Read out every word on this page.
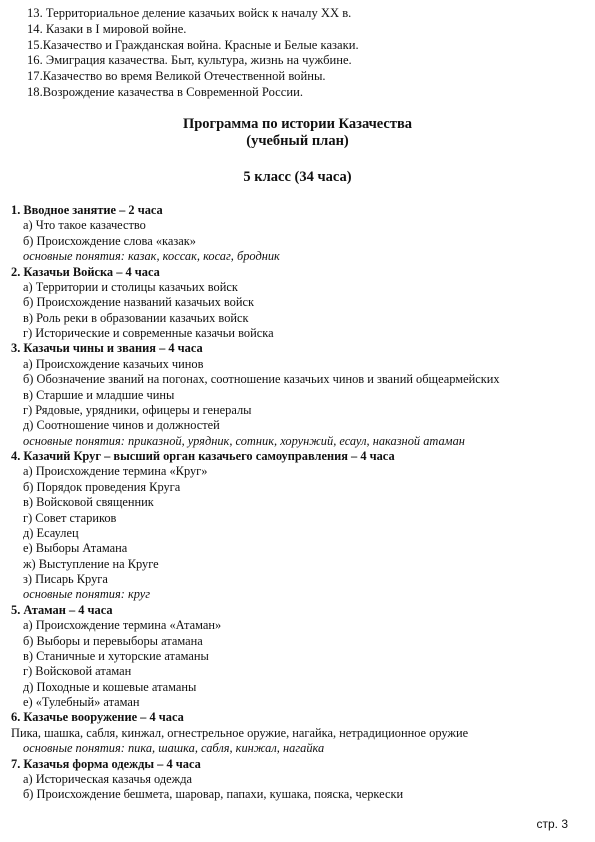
13. Территориальное деление казачьих войск к началу XX в.
14. Казаки в I мировой войне.
15.Казачество и Гражданская война. Красные и Белые казаки.
16. Эмиграция казачества. Быт, культура, жизнь на чужбине.
17.Казачество во время Великой Отечественной войны.
18.Возрождение казачества в Современной России.
Программа по истории Казачества
(учебный план)
5 класс (34 часа)
1. Вводное занятие – 2 часа
а) Что такое казачество
б) Происхождение слова «казак»
основные понятия: казак, коссак, косаг, бродник
2. Казачьи Войска – 4 часа
а) Территории и столицы казачьих войск
б) Происхождение названий казачьих войск
в) Роль реки в образовании казачьих войск
г) Исторические и современные казачьи войска
3. Казачьи чины и звания – 4 часа
а) Происхождение казачьих чинов
б) Обозначение званий на погонах, соотношение казачьих чинов и званий общеармейских
в) Старшие и младшие чины
г) Рядовые, урядники, офицеры и генералы
д) Соотношение чинов и должностей
основные понятия: приказной, урядник, сотник, хорунжий, есаул, наказной атаман
4. Казачий Круг – высший орган казачьего самоуправления – 4 часа
а) Происхождение термина «Круг»
б) Порядок проведения Круга
в) Войсковой священник
г) Совет стариков
д) Есаулец
е) Выборы Атамана
ж) Выступление на Круге
з) Писарь Круга
основные понятия: круг
5. Атаман – 4 часа
а) Происхождение термина «Атаман»
б) Выборы и перевыборы атамана
в) Станичные и хуторские атаманы
г) Войсковой атаман
д) Походные и кошевые атаманы
е) «Тулебный» атаман
6. Казачье вооружение – 4 часа
Пика, шашка, сабля, кинжал, огнестрельное оружие, нагайка, нетрадиционное оружие
основные понятия: пика, шашка, сабля, кинжал, нагайка
7. Казачья форма одежды – 4 часа
а) Историческая казачья одежда
б) Происхождение бешмета, шаровар, папахи, кушака, пояска, черкески
стр. 3
